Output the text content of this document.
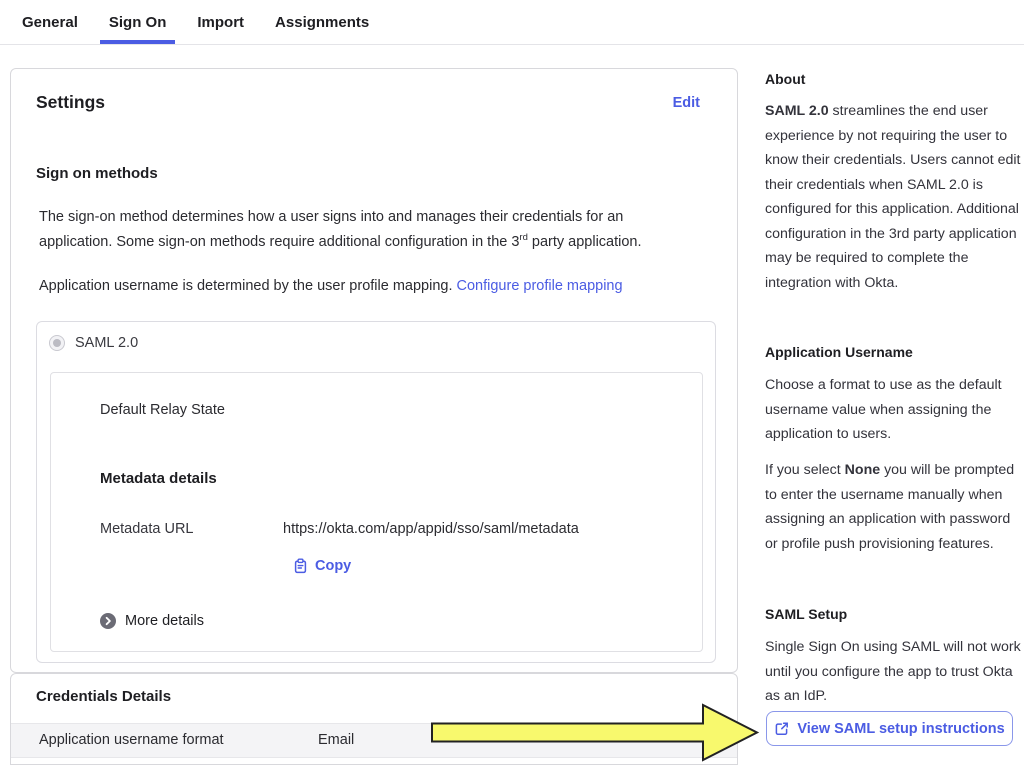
General	Sign On	Import	Assignments
Settings	Edit
Sign on methods
The sign-on method determines how a user signs into and manages their credentials for an application. Some sign-on methods require additional configuration in the 3rd party application.
Application username is determined by the user profile mapping. Configure profile mapping
SAML 2.0
Default Relay State
Metadata details
Metadata URL	https://okta.com/app/appid/sso/saml/metadata
Copy
More details
Credentials Details
Application username format	Email
About
SAML 2.0 streamlines the end user experience by not requiring the user to know their credentials. Users cannot edit their credentials when SAML 2.0 is configured for this application. Additional configuration in the 3rd party application may be required to complete the integration with Okta.
Application Username
Choose a format to use as the default username value when assigning the application to users.
If you select None you will be prompted to enter the username manually when assigning an application with password or profile push provisioning features.
SAML Setup
Single Sign On using SAML will not work until you configure the app to trust Okta as an IdP.
View SAML setup instructions
